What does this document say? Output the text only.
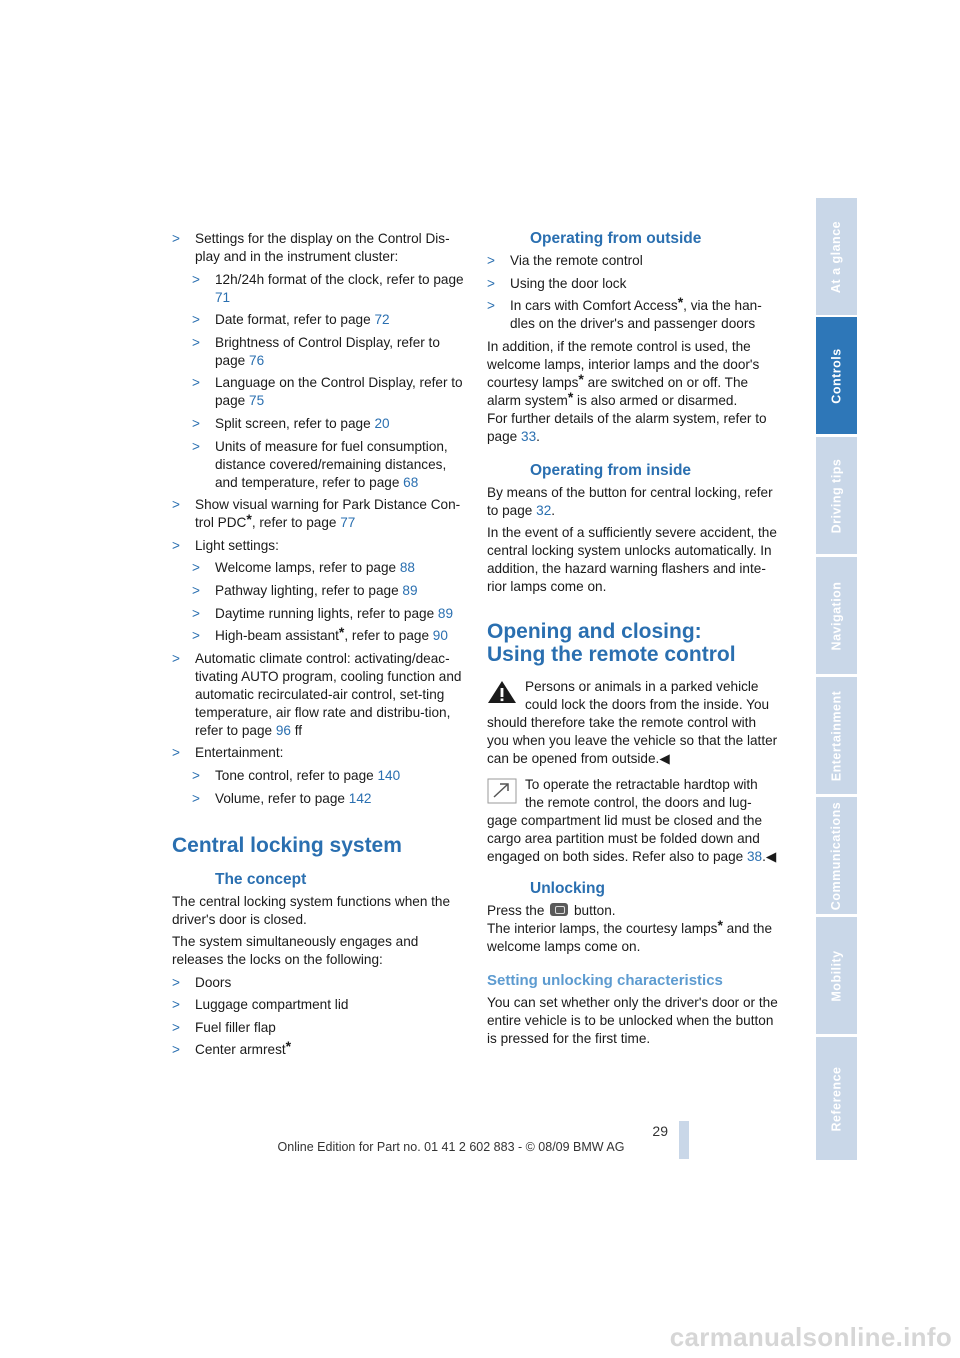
> Settings for the display on the Control Dis-play and in the instrument cluster:
> 12h/24h format of the clock, refer to page 71
> Date format, refer to page 72
> Brightness of Control Display, refer to page 76
> Language on the Control Display, refer to page 75
> Split screen, refer to page 20
> Units of measure for fuel consumption, distance covered/remaining distances, and temperature, refer to page 68
> Show visual warning for Park Distance Con-trol PDC*, refer to page 77
> Light settings:
> Welcome lamps, refer to page 88
> Pathway lighting, refer to page 89
> Daytime running lights, refer to page 89
> High-beam assistant*, refer to page 90
> Automatic climate control: activating/deac-tivating AUTO program, cooling function and automatic recirculated-air control, set-ting temperature, air flow rate and distribu-tion, refer to page 96 ff
> Entertainment:
> Tone control, refer to page 140
> Volume, refer to page 142
Central locking system
The concept

The central locking system functions when the driver's door is closed.

The system simultaneously engages and releases the locks on the following:

> Doors
> Luggage compartment lid
> Fuel filler flap
> Center armrest*
Operating from outside
> Via the remote control
> Using the door lock
> In cars with Comfort Access*, via the han-dles on the driver's and passenger doors

In addition, if the remote control is used, the welcome lamps, interior lamps and the door's courtesy lamps* are switched on or off. The alarm system* is also armed or disarmed.

For further details of the alarm system, refer to page 33.

Operating from inside

By means of the button for central locking, refer to page 32.

In the event of a sufficiently severe accident, the central locking system unlocks automatically. In addition, the hazard warning flashers and inte-rior lamps come on.

Opening and closing:
Using the remote control
Persons or animals in a parked vehicle could lock the doors from the inside. You should therefore take the remote control with you when you leave the vehicle so that the latter can be opened from outside.◀
To operate the retractable hardtop with the remote control, the doors and lug-gage compartment lid must be closed and the cargo area partition must be folded down and engaged on both sides. Refer also to page 38.◀
Unlocking

Press the  button.

The interior lamps, the courtesy lamps* and the welcome lamps come on.

Setting unlocking characteristics

You can set whether only the driver's door or the entire vehicle is to be unlocked when the button is pressed for the first time.

At a glance
Controls
Driving tips
Navigation
Entertainment
Communications
Mobility
Reference
29
Online Edition for Part no. 01 41 2 602 883 - © 08/09 BMW AG
carmanualsonline.info
